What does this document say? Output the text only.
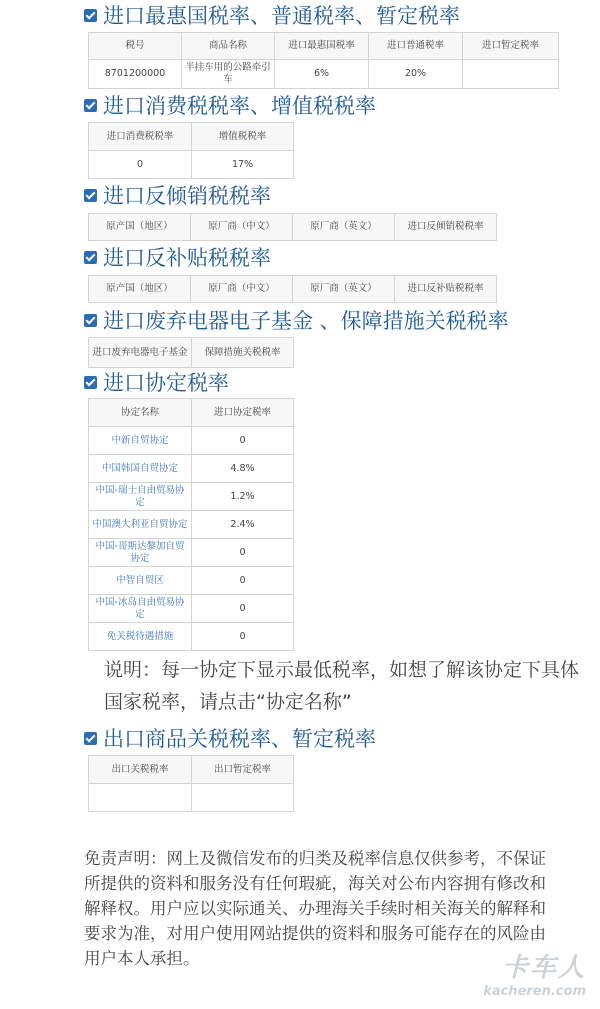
进口最惠国税率、普通税率、暂定税率
税号	商品名称	进口最惠国税率	进口普通税率	进口暂定税率
8701200000	半挂车用的公路牵引车	6%	20%	
进口消费税税率、增值税税率
进口消费税税率	增值税税率
0	17%
进口反倾销税税率
原产国（地区）	原厂商（中文）	原厂商（英文）	进口反倾销税税率
进口反补贴税税率
原产国（地区）	原厂商（中文）	原厂商（英文）	进口反补贴税税率
进口废弃电器电子基金 、保障措施关税税率
进口废弃电器电子基金	保障措施关税税率
进口协定税率
协定名称	进口协定税率
中新自贸协定	0
中国韩国自贸协定	4.8%
中国-瑞士自由贸易协定	1.2%
中国澳大利亚自贸协定	2.4%
中国-哥斯达黎加自贸协定	0
中智自贸区	0
中国-冰岛自由贸易协定	0
免关税待遇措施	0
说明：每一协定下显示最低税率，如想了解该协定下具体国家税率，请点击“协定名称”
出口商品关税税率、暂定税率
出口关税税率	出口暂定税率

免责声明：网上及微信发布的归类及税率信息仅供参考，不保证所提供的资料和服务没有任何瑕疵，海关对公布内容拥有修改和解释权。用户应以实际通关、办理海关手续时相关海关的解释和要求为准，对用户使用网站提供的资料和服务可能存在的风险由用户本人承担。	卡车人
kacheren.com
